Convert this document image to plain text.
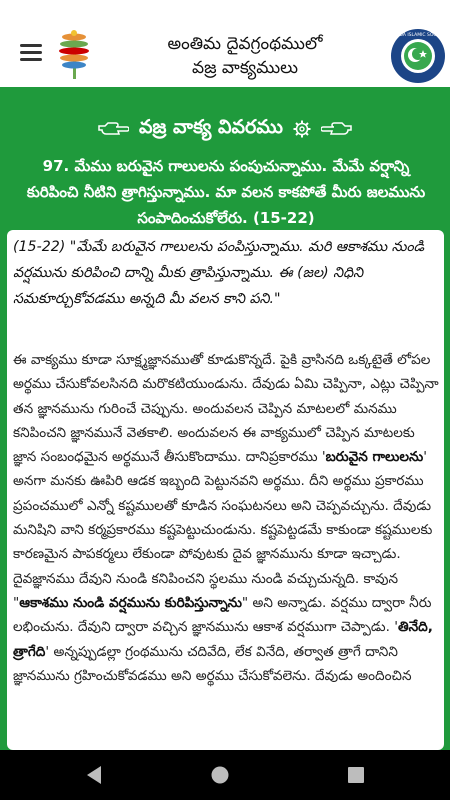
అంతిమ దైవగ్రంథములో
వజ్ర వాక్యములు
KHUDA ISLAMIC SOCIETY
వజ్ర వాక్య వివరము
97. మేము బరువైన గాలులను పంపుచున్నాము. మేమే వర్షాన్ని కురిపించి నీటిని త్రాగిస్తున్నాము. మా వలన కాకపోతే మీరు జలమును సంపాదించుకోలేరు. (15-22)
(15-22) "మేమే బరువైన గాలులను పంపిస్తున్నాము. మరి ఆకాశము నుండి వర్షమును కురిపించి దాన్ని మీకు త్రాపిస్తున్నాము. ఈ (జల) నిధిని సమకూర్చుకోవడము అన్నది మీ వలన కాని పని."
ఈ వాక్యము కూడా సూక్ష్మజ్ఞానముతో కూడుకొన్నదే. పైకి వ్రాసినది ఒక్కటైతే లోపల అర్థము చేసుకోవలసినది మరొకటియుండును. దేవుడు ఏమి చెప్పినా, ఎట్లు చెప్పినా తన జ్ఞానమును గురించే చెప్పును. అందువలన చెప్పిన మాటలలో మనము కనిపించని జ్ఞానమునే వెతకాలి. అందువలన ఈ వాక్యములో చెప్పిన మాటలకు జ్ఞాన సంబంధమైన అర్థమునే తీసుకొందాము. దానిప్రకారము 'బరువైన గాలులను' అనగా మనకు ఊపిరి ఆడక ఇబ్బంది పెట్టునవని అర్థము. దీని అర్థము ప్రకారము ప్రపంచములో ఎన్నో కష్టములతో కూడిన సంఘటనలు అని చెప్పవచ్చును. దేవుడు మనిషిని వాని కర్మప్రకారము కష్టపెట్టుచుండును. కష్టపెట్టడమే కాకుండా కష్టములకు కారణమైన పాపకర్మలు లేకుండా పోవుటకు దైవ జ్ఞానమును కూడా ఇచ్చాడు. దైవజ్ఞానము దేవుని నుండి కనిపించని స్థలము నుండి వచ్చుచున్నది. కావున "ఆకాశము నుండి వర్షమును కురిపిస్తున్నాను" అని అన్నాడు. వర్షము ద్వారా నీరు లభించును. దేవుని ద్వారా వచ్చిన జ్ఞానమును ఆకాశ వర్షముగా చెప్పాడు. 'తినేది, త్రాగేది' అన్నప్పుడల్లా గ్రంథమును చదివేది, లేక వినేది, తర్వాత త్రాగే దానిని జ్ఞానమును గ్రహించుకోవడము అని అర్థము చేసుకోవలెను. దేవుడు అందించిన
